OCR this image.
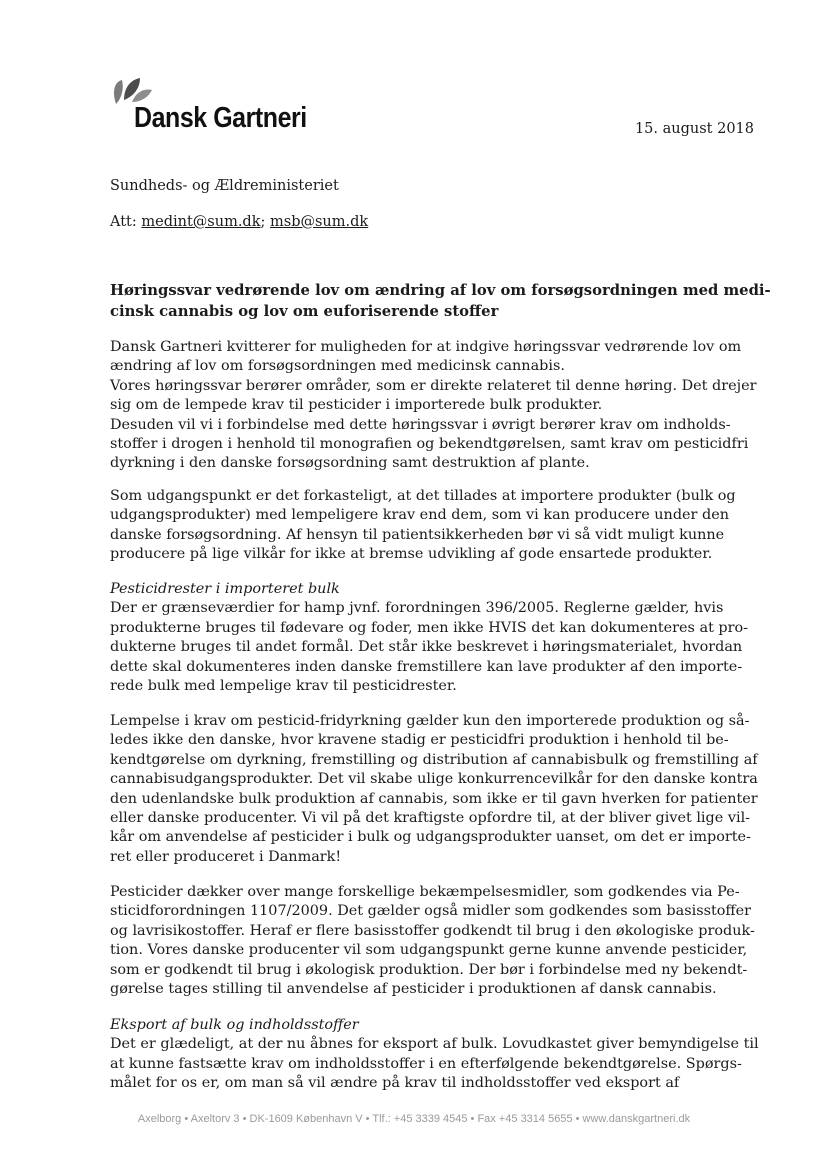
Dansk Gartneri	15. august 2018
Sundheds- og Ældreministeriet
Att: medint@sum.dk; msb@sum.dk
Høringssvar vedrørende lov om ændring af lov om forsøgsordningen med medi-
cinsk cannabis og lov om euforiserende stoffer
Dansk Gartneri kvitterer for muligheden for at indgive høringssvar vedrørende lov om
ændring af lov om forsøgsordningen med medicinsk cannabis.
Vores høringssvar berører områder, som er direkte relateret til denne høring. Det drejer
sig om de lempede krav til pesticider i importerede bulk produkter.
Desuden vil vi i forbindelse med dette høringssvar i øvrigt berører krav om indholds-
stoffer i drogen i henhold til monografien og bekendtgørelsen, samt krav om pesticidfri
dyrkning i den danske forsøgsordning samt destruktion af plante.
Som udgangspunkt er det forkasteligt, at det tillades at importere produkter (bulk og
udgangsprodukter) med lempeligere krav end dem, som vi kan producere under den
danske forsøgsordning. Af hensyn til patientsikkerheden bør vi så vidt muligt kunne
producere på lige vilkår for ikke at bremse udvikling af gode ensartede produkter.
Pesticidrester i importeret bulk
Der er grænseværdier for hamp jvnf. forordningen 396/2005. Reglerne gælder, hvis
produkterne bruges til fødevare og foder, men ikke HVIS det kan dokumenteres at pro-
dukterne bruges til andet formål. Det står ikke beskrevet i høringsmaterialet, hvordan
dette skal dokumenteres inden danske fremstillere kan lave produkter af den importe-
rede bulk med lempelige krav til pesticidrester.
Lempelse i krav om pesticid-fridyrkning gælder kun den importerede produktion og så-
ledes ikke den danske, hvor kravene stadig er pesticidfri produktion i henhold til be-
kendtgørelse om dyrkning, fremstilling og distribution af cannabisbulk og fremstilling af
cannabisudgangsprodukter. Det vil skabe ulige konkurrencevilkår for den danske kontra
den udenlandske bulk produktion af cannabis, som ikke er til gavn hverken for patienter
eller danske producenter. Vi vil på det kraftigste opfordre til, at der bliver givet lige vil-
kår om anvendelse af pesticider i bulk og udgangsprodukter uanset, om det er importe-
ret eller produceret i Danmark!
Pesticider dækker over mange forskellige bekæmpelsesmidler, som godkendes via Pe-
sticidforordningen 1107/2009. Det gælder også midler som godkendes som basisstoffer
og lavrisikostoffer. Heraf er flere basisstoffer godkendt til brug i den økologiske produk-
tion. Vores danske producenter vil som udgangspunkt gerne kunne anvende pesticider,
som er godkendt til brug i økologisk produktion. Der bør i forbindelse med ny bekendt-
gørelse tages stilling til anvendelse af pesticider i produktionen af dansk cannabis.
Eksport af bulk og indholdsstoffer
Det er glædeligt, at der nu åbnes for eksport af bulk. Lovudkastet giver bemyndigelse til
at kunne fastsætte krav om indholdsstoffer i en efterfølgende bekendtgørelse. Spørgs-
målet for os er, om man så vil ændre på krav til indholdsstoffer ved eksport af
Axelborg • Axeltorv 3 • DK-1609 København V • Tlf.: +45 3339 4545 • Fax +45 3314 5655 • www.danskgartneri.dk
